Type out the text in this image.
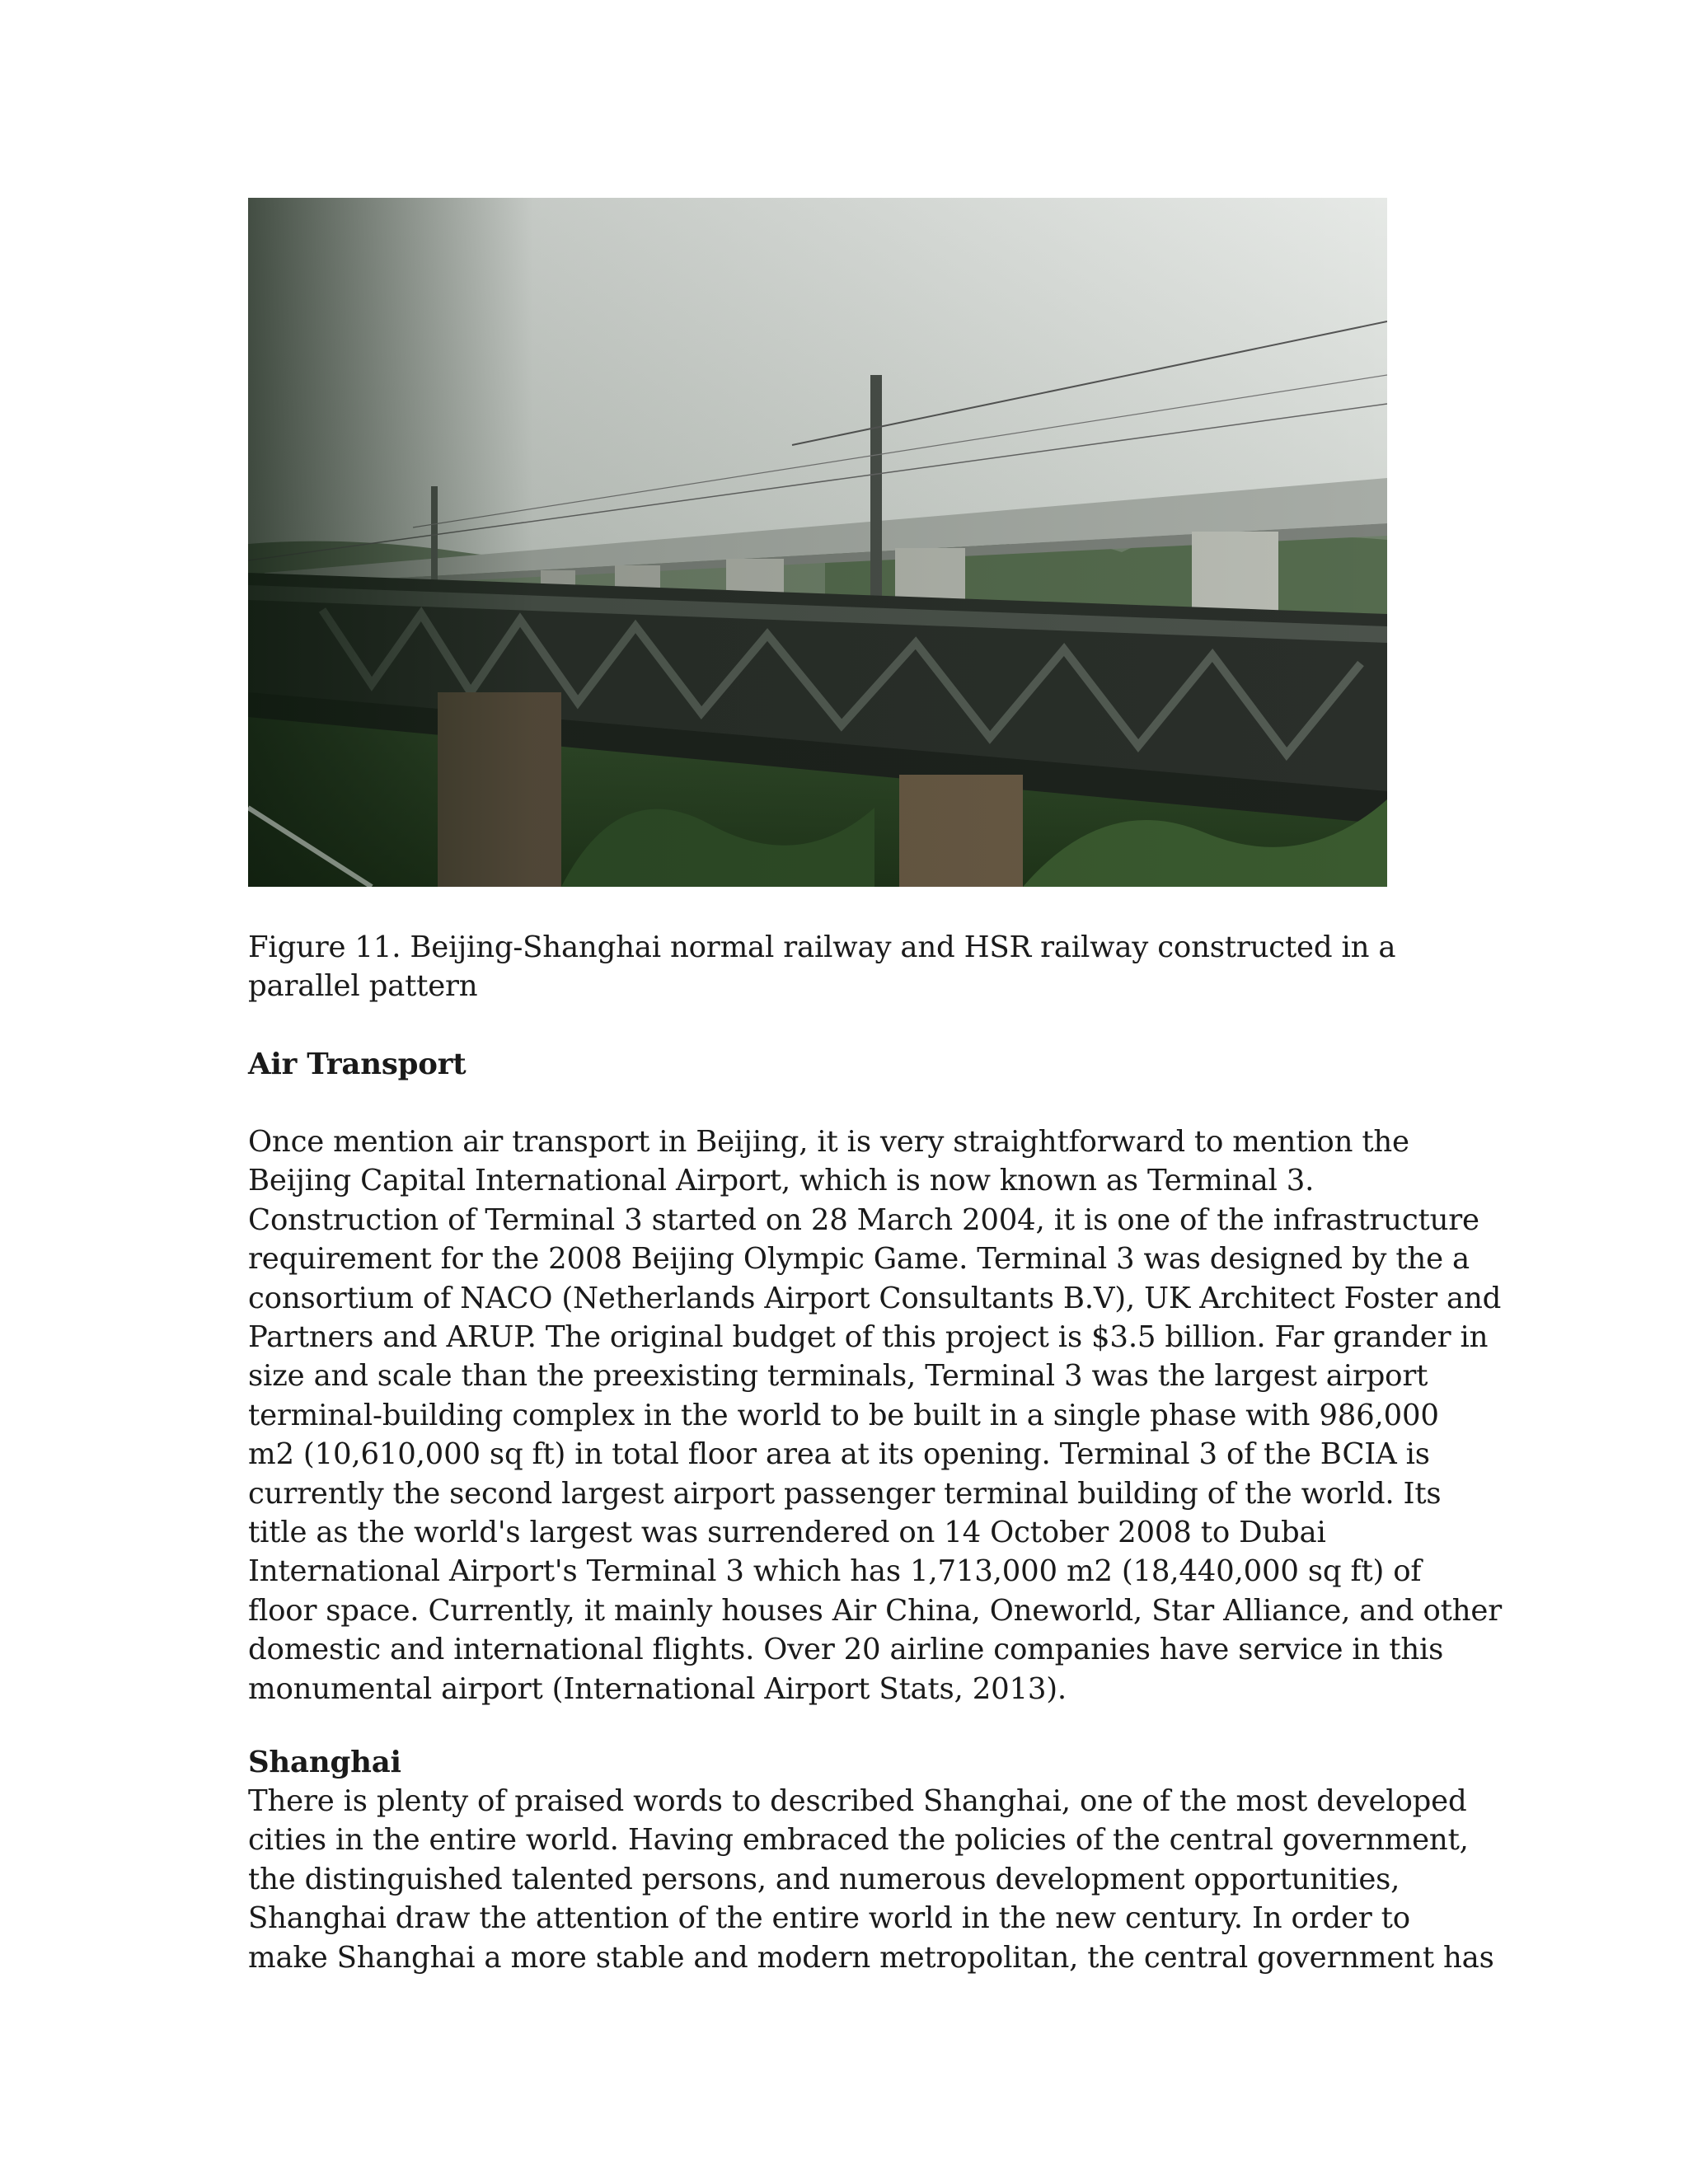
Figure 11. Beijing-Shanghai normal railway and HSR railway constructed in a
parallel pattern
Air Transport
Once mention air transport in Beijing, it is very straightforward to mention the
Beijing Capital International Airport, which is now known as Terminal 3.
Construction of Terminal 3 started on 28 March 2004, it is one of the infrastructure
requirement for the 2008 Beijing Olympic Game. Terminal 3 was designed by the a
consortium of NACO (Netherlands Airport Consultants B.V), UK Architect Foster and
Partners and ARUP. The original budget of this project is $3.5 billion. Far grander in
size and scale than the preexisting terminals, Terminal 3 was the largest airport
terminal-building complex in the world to be built in a single phase with 986,000
m2 (10,610,000 sq ft) in total floor area at its opening. Terminal 3 of the BCIA is
currently the second largest airport passenger terminal building of the world. Its
title as the world's largest was surrendered on 14 October 2008 to Dubai
International Airport's Terminal 3 which has 1,713,000 m2 (18,440,000 sq ft) of
floor space. Currently, it mainly houses Air China, Oneworld, Star Alliance, and other
domestic and international flights. Over 20 airline companies have service in this
monumental airport (International Airport Stats, 2013).
Shanghai
There is plenty of praised words to described Shanghai, one of the most developed
cities in the entire world. Having embraced the policies of the central government,
the distinguished talented persons, and numerous development opportunities,
Shanghai draw the attention of the entire world in the new century. In order to
make Shanghai a more stable and modern metropolitan, the central government has
